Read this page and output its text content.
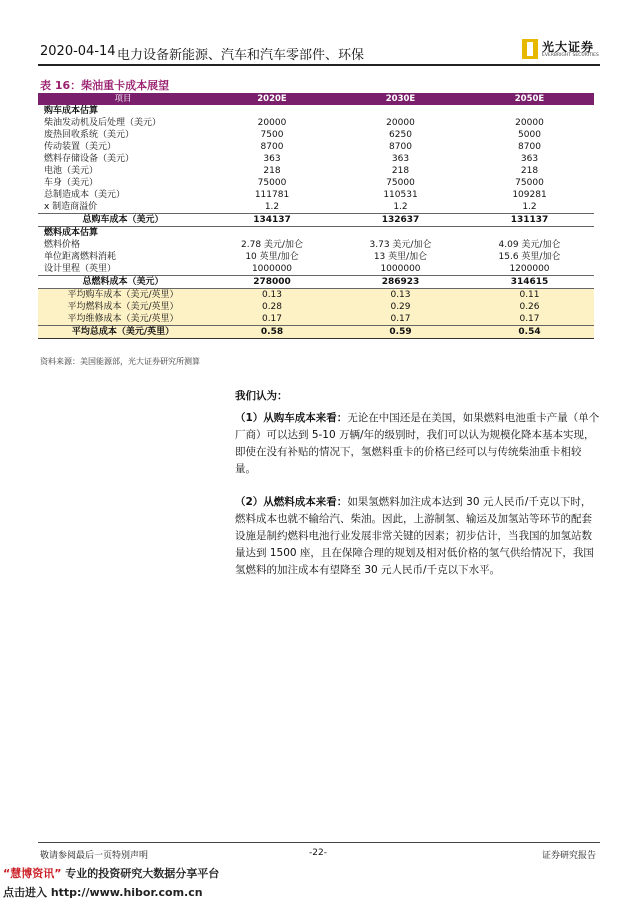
2020-04-14 电力设备新能源、汽车和汽车零部件、环保
光大证券
EVERBRIGHT SECURITIES
表 16：柴油重卡成本展望
项目	2020E	2030E	2050E
购车成本估算			
柴油发动机及后处理（美元）	20000	20000	20000
废热回收系统（美元）	7500	6250	5000
传动装置（美元）	8700	8700	8700
燃料存储设备（美元）	363	363	363
电池（美元）	218	218	218
车身（美元）	75000	75000	75000
总制造成本（美元）	111781	110531	109281
x 制造商溢价	1.2	1.2	1.2
总购车成本（美元）	134137	132637	131137
燃料成本估算			
燃料价格	2.78 美元/加仑	3.73 美元/加仑	4.09 美元/加仑
单位距离燃料消耗	10 英里/加仑	13 英里/加仑	15.6 英里/加仑
设计里程（英里）	1000000	1000000	1200000
总燃料成本（美元）	278000	286923	314615
平均购车成本（美元/英里）	0.13	0.13	0.11
平均燃料成本（美元/英里）	0.28	0.29	0.26
平均维修成本（美元/英里）	0.17	0.17	0.17
平均总成本（美元/英里）	0.58	0.59	0.54
资料来源：美国能源部，光大证券研究所测算
我们认为：
（1）从购车成本来看：无论在中国还是在美国，如果燃料电池重卡产量（单个厂商）可以达到 5-10 万辆/年的级别时，我们可以认为规模化降本基本实现，即使在没有补贴的情况下，氢燃料重卡的价格已经可以与传统柴油重卡相较量。
（2）从燃料成本来看：如果氢燃料加注成本达到 30 元人民币/千克以下时，燃料成本也就不输给汽、柴油。因此，上游制氢、输运及加氢站等环节的配套设施是制约燃料电池行业发展非常关键的因素；初步估计，当我国的加氢站数量达到 1500 座，且在保障合理的规划及相对低价格的氢气供给情况下，我国氢燃料的加注成本有望降至 30 元人民币/千克以下水平。
敬请参阅最后一页特别声明	-22-	证券研究报告
“慧博资讯” 专业的投资研究大数据分享平台
点击进入 http://www.hibor.com.cn
